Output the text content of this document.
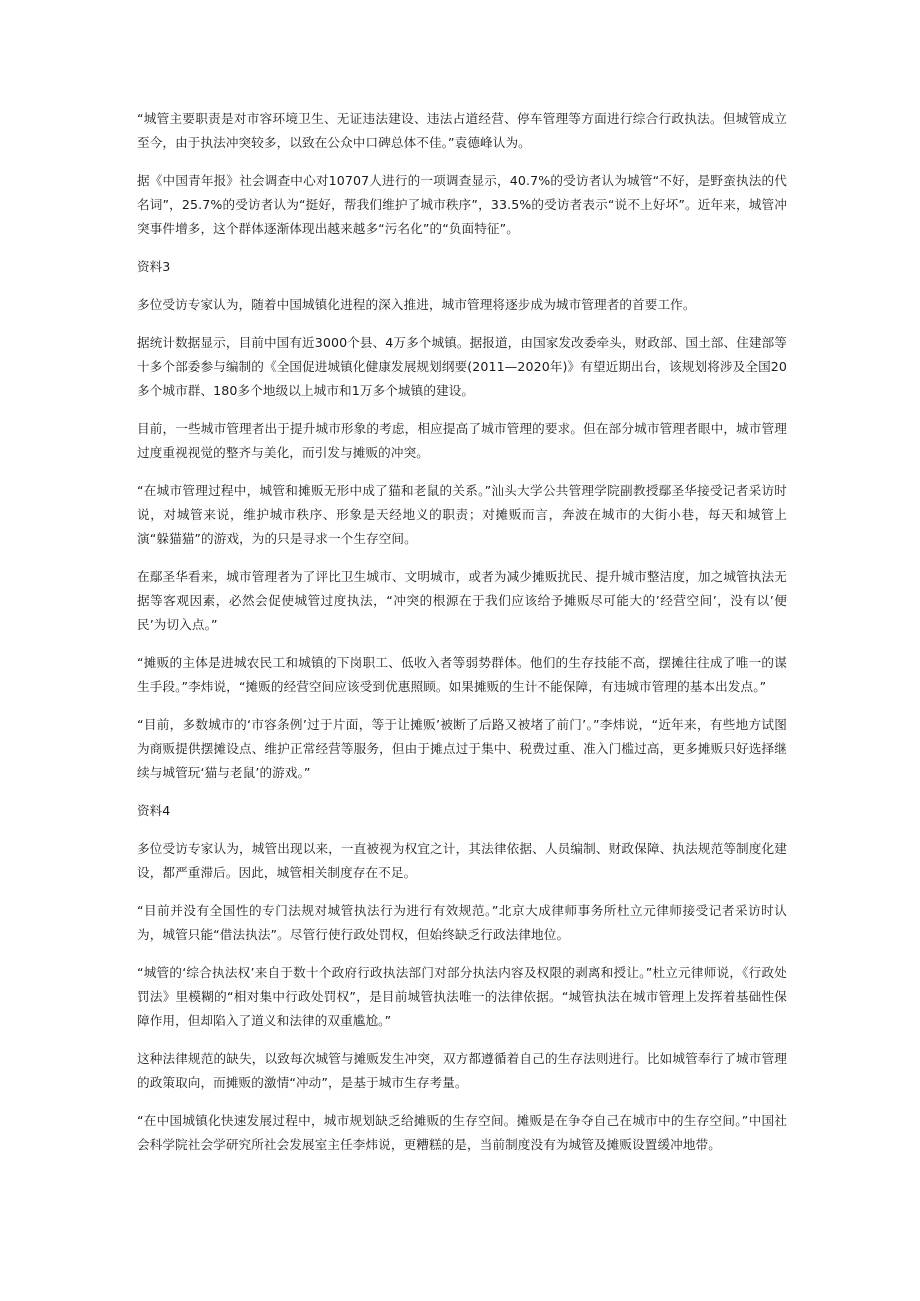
“城管主要职责是对市容环境卫生、无证违法建设、违法占道经营、停车管理等方面进行综合行政执法。但城管成立至今，由于执法冲突较多，以致在公众中口碑总体不佳。”袁德峰认为。

据《中国青年报》社会调查中心对10707人进行的一项调查显示，40.7%的受访者认为城管“不好，是野蛮执法的代名词”，25.7%的受访者认为“挺好，帮我们维护了城市秩序”，33.5%的受访者表示“说不上好坏”。近年来，城管冲突事件增多，这个群体逐渐体现出越来越多“污名化”的“负面特征”。

资料3

多位受访专家认为，随着中国城镇化进程的深入推进，城市管理将逐步成为城市管理者的首要工作。

据统计数据显示，目前中国有近3000个县、4万多个城镇。据报道，由国家发改委牵头，财政部、国土部、住建部等十多个部委参与编制的《全国促进城镇化健康发展规划纲要(2011—2020年)》有望近期出台，该规划将涉及全国20多个城市群、180多个地级以上城市和1万多个城镇的建设。

目前，一些城市管理者出于提升城市形象的考虑，相应提高了城市管理的要求。但在部分城市管理者眼中，城市管理过度重视视觉的整齐与美化，而引发与摊贩的冲突。

“在城市管理过程中，城管和摊贩无形中成了猫和老鼠的关系。”汕头大学公共管理学院副教授鄢圣华接受记者采访时说，对城管来说，维护城市秩序、形象是天经地义的职责；对摊贩而言，奔波在城市的大街小巷，每天和城管上演“躲猫猫”的游戏，为的只是寻求一个生存空间。

在鄢圣华看来，城市管理者为了评比卫生城市、文明城市，或者为减少摊贩扰民、提升城市整洁度，加之城管执法无据等客观因素，必然会促使城管过度执法，“冲突的根源在于我们应该给予摊贩尽可能大的’经营空间’，没有以’便民’为切入点。”

“摊贩的主体是进城农民工和城镇的下岗职工、低收入者等弱势群体。他们的生存技能不高，摆摊往往成了唯一的谋生手段。”李炜说，“摊贩的经营空间应该受到优惠照顾。如果摊贩的生计不能保障，有违城市管理的基本出发点。”

“目前，多数城市的‘市容条例’过于片面，等于让摊贩’被断了后路又被堵了前门’。”李炜说，“近年来，有些地方试图为商贩提供摆摊设点、维护正常经营等服务，但由于摊点过于集中、税费过重、准入门槛过高，更多摊贩只好选择继续与城管玩‘猫与老鼠’的游戏。”

资料4

多位受访专家认为，城管出现以来，一直被视为权宜之计，其法律依据、人员编制、财政保障、执法规范等制度化建设，都严重滞后。因此，城管相关制度存在不足。

“目前并没有全国性的专门法规对城管执法行为进行有效规范。”北京大成律师事务所杜立元律师接受记者采访时认为，城管只能“借法执法”。尽管行使行政处罚权，但始终缺乏行政法律地位。

“城管的‘综合执法权’来自于数十个政府行政执法部门对部分执法内容及权限的剥离和授让。”杜立元律师说，《行政处罚法》里模糊的“相对集中行政处罚权”，是目前城管执法唯一的法律依据。“城管执法在城市管理上发挥着基础性保障作用，但却陷入了道义和法律的双重尴尬。”

这种法律规范的缺失，以致每次城管与摊贩发生冲突，双方都遵循着自己的生存法则进行。比如城管奉行了城市管理的政策取向，而摊贩的激情“冲动”，是基于城市生存考量。

“在中国城镇化快速发展过程中，城市规划缺乏给摊贩的生存空间。摊贩是在争夺自己在城市中的生存空间。”中国社会科学院社会学研究所社会发展室主任李炜说，更糟糕的是，当前制度没有为城管及摊贩设置缓冲地带。
